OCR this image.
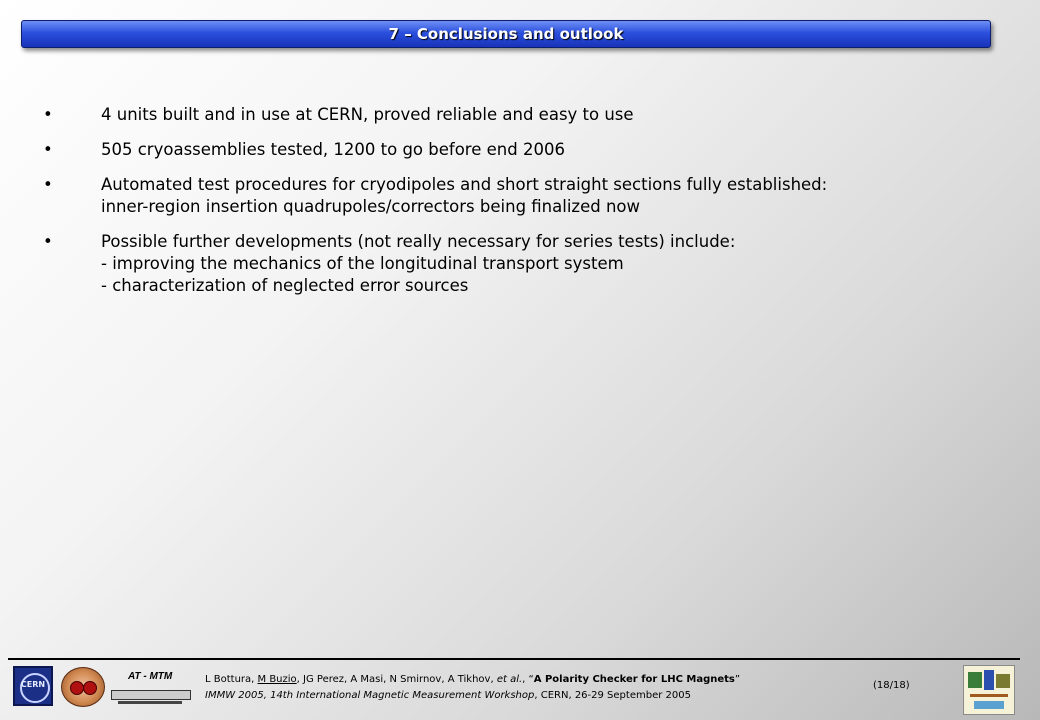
7 – Conclusions and outlook
•	4 units built and in use at CERN, proved reliable and easy to use
•	505 cryoassemblies tested, 1200 to go before end 2006
•	Automated test procedures for cryodipoles and short straight sections fully established:
inner-region insertion quadrupoles/correctors being finalized now
•	Possible further developments (not really necessary for series tests) include:
- improving the mechanics of the longitudinal transport system
- characterization of neglected error sources
CERN
AT - MTM	L Bottura, M Buzio, JG Perez, A Masi, N Smirnov, A Tikhov, et al., “A Polarity Checker for LHC Magnets”
IMMW 2005, 14th International Magnetic Measurement Workshop, CERN, 26-29 September 2005
(18/18)
